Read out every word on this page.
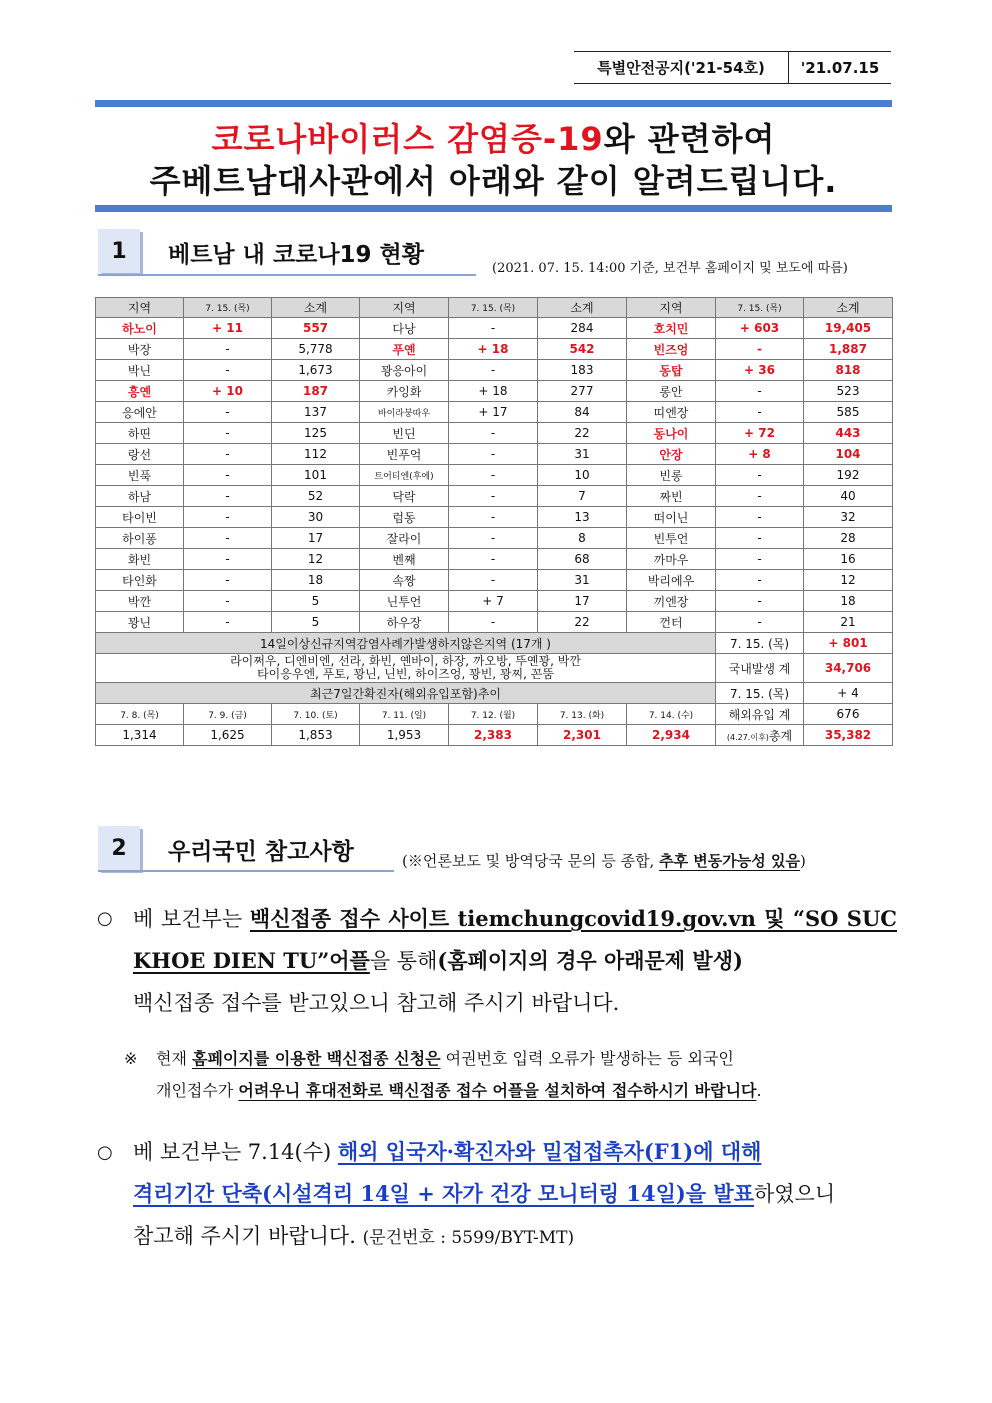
특별안전공지('21-54호)	'21.07.15
코로나바이러스 감염증-19와 관련하여
주베트남대사관에서 아래와 같이 알려드립니다.
1	베트남 내 코로나19 현황
(2021. 07. 15. 14:00 기준, 보건부 홈페이지 및 보도에 따름)
지역	7. 15. (목)	소계	지역	7. 15. (목)	소계	지역	7. 15. (목)	소계
하노이	+ 11	557	다낭	-	284	호치민	+ 603	19,405
박장	-	5,778	푸옌	+ 18	542	빈즈엉	-	1,887
박닌	-	1,673	꽝응아이	-	183	동탑	+ 36	818
흥옌	+ 10	187	카잉화	+ 18	277	롱안	-	523
응에안	-	137	바이라붕따우	+ 17	84	띠엔장	-	585
하띤	-	125	빈딘	-	22	동나이	+ 72	443
랑선	-	112	빈푸억	-	31	안장	+ 8	104
빈푹	-	101	트어티엔(후에)	-	10	빈롱	-	192
하남	-	52	닥락	-	7	짜빈	-	40
타이빈	-	30	럼동	-	13	떠이닌	-	32
하이퐁	-	17	잘라이	-	8	빈투언	-	28
화빈	-	12	벤째	-	68	까마우	-	16
타인화	-	18	속짱	-	31	박리에우	-	12
박깐	-	5	닌투언	+ 7	17	끼엔장	-	18
꽝닌	-	5	하우장	-	22	껀터	-	21
14일이상신규지역감염사례가발생하지않은지역 (17개 )							7. 15. (목)	+ 801

라이쩌우, 디엔비엔, 선라, 화빈, 옌바이, 하장, 까오방, 뚜옌꽝, 박깐
타이응우엔, 푸토, 꽝닌, 닌빈, 하이즈엉, 꽝빈, 꽝찌, 꼰뚬							국내발생 계	34,706
최근7일간확진자(해외유입포함)추이							7. 15. (목)	+ 4
7. 8. (목)	7. 9. (금)	7. 10. (토)	7. 11. (일)	7. 12. (월)	7. 13. (화)	7. 14. (수)	해외유입 계	676
1,314	1,625	1,853	1,953	2,383	2,301	2,934	(4.27.이후)총계	35,382
2	우리국민 참고사항	(※언론보도 및 방역당국 문의 등 종합, 추후 변동가능성 있음)
○ 베 보건부는 백신접종 접수 사이트 tiemchungcovid19.gov.vn 및 “SO SUC KHOE DIEN TU”어플을 통해(홈페이지의 경우 아래문제 발생)
백신접종 접수를 받고있으니 참고해 주시기 바랍니다.
※ 현재 홈페이지를 이용한 백신접종 신청은 여권번호 입력 오류가 발생하는 등 외국인
개인접수가 어려우니 휴대전화로 백신접종 접수 어플을 설치하여 접수하시기 바랍니다.
○ 베 보건부는 7.14(수) 해외 입국자·확진자와 밀접접촉자(F1)에 대해
격리기간 단축(시설격리 14일 + 자가 건강 모니터링 14일)을 발표하였으니
참고해 주시기 바랍니다. (문건번호 : 5599/BYT-MT)
